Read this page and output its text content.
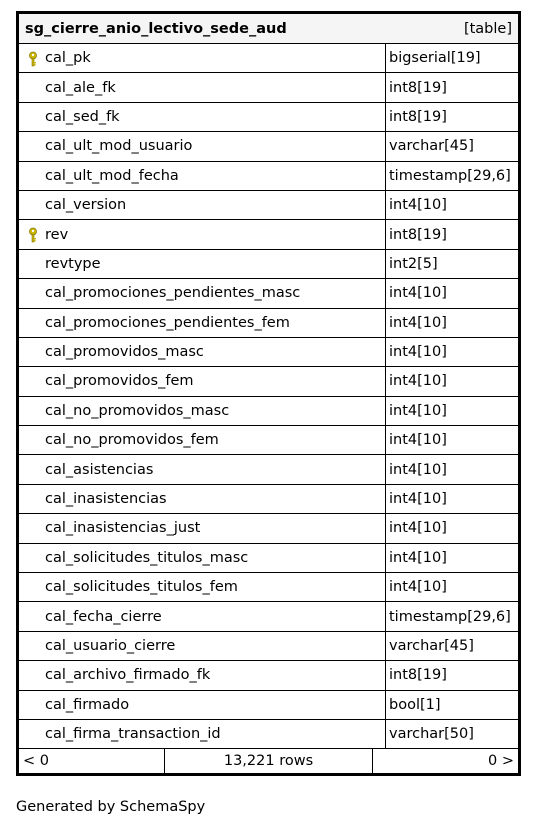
sg_cierre_anio_lectivo_sede_aud	[table]
cal_pk	bigserial[19]
cal_ale_fk	int8[19]
cal_sed_fk	int8[19]
cal_ult_mod_usuario	varchar[45]
cal_ult_mod_fecha	timestamp[29,6]
cal_version	int4[10]
rev	int8[19]
revtype	int2[5]
cal_promociones_pendientes_masc	int4[10]
cal_promociones_pendientes_fem	int4[10]
cal_promovidos_masc	int4[10]
cal_promovidos_fem	int4[10]
cal_no_promovidos_masc	int4[10]
cal_no_promovidos_fem	int4[10]
cal_asistencias	int4[10]
cal_inasistencias	int4[10]
cal_inasistencias_just	int4[10]
cal_solicitudes_titulos_masc	int4[10]
cal_solicitudes_titulos_fem	int4[10]
cal_fecha_cierre	timestamp[29,6]
cal_usuario_cierre	varchar[45]
cal_archivo_firmado_fk	int8[19]
cal_firmado	bool[1]
cal_firma_transaction_id	varchar[50]
< 0	13,221 rows	0 >
Generated by SchemaSpy
